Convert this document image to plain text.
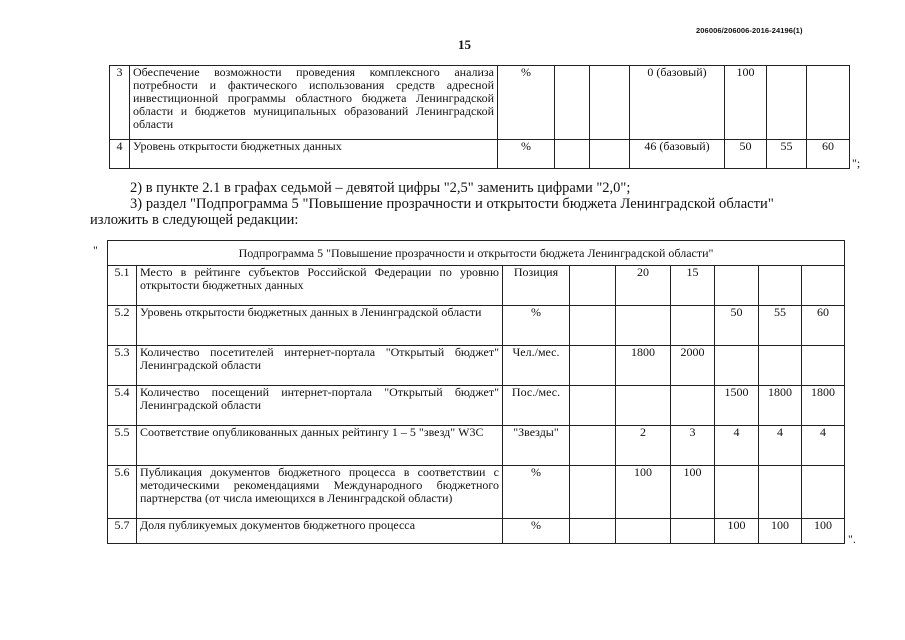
206006/206006-2016-24196(1)
15
3	Обеспечение возможности проведения комплексного анализа потребности и фактического использования средств адресной инвестиционной программы областного бюджета Ленинградской области и бюджетов муниципальных образований Ленинградской области	%			0 (базовый)	100		
4	Уровень открытости бюджетных данных	%			46 (базовый)	50	55	60
";
2) в пункте 2.1 в графах седьмой – девятой цифры "2,5" заменить цифрами "2,0";
3) раздел "Подпрограмма 5 "Повышение прозрачности и открытости бюджета Ленинградской области"
изложить в следующей редакции:
"	Подпрограмма 5 "Повышение прозрачности и открытости бюджета Ленинградской области"								
5.1	Место в рейтинге субъектов Российской Федерации по уровню открытости бюджетных данных	Позиция		20	15			
5.2	Уровень открытости бюджетных данных в Ленинградской области	%				50	55	60
5.3	Количество посетителей интернет-портала "Открытый бюджет" Ленинградской области	Чел./мес.		1800	2000			
5.4	Количество посещений интернет-портала "Открытый бюджет" Ленинградской области	Пос./мес.				1500	1800	1800
5.5	Соответствие опубликованных данных рейтингу 1 – 5 "звезд" W3C	"Звезды"		2	3	4	4	4
5.6	Публикация документов бюджетного процесса в соответствии с методическими рекомендациями Международного бюджетного партнерства (от числа имеющихся в Ленинградской области)	%		100	100			
5.7	Доля публикуемых документов бюджетного процесса	%				100	100	100
".
